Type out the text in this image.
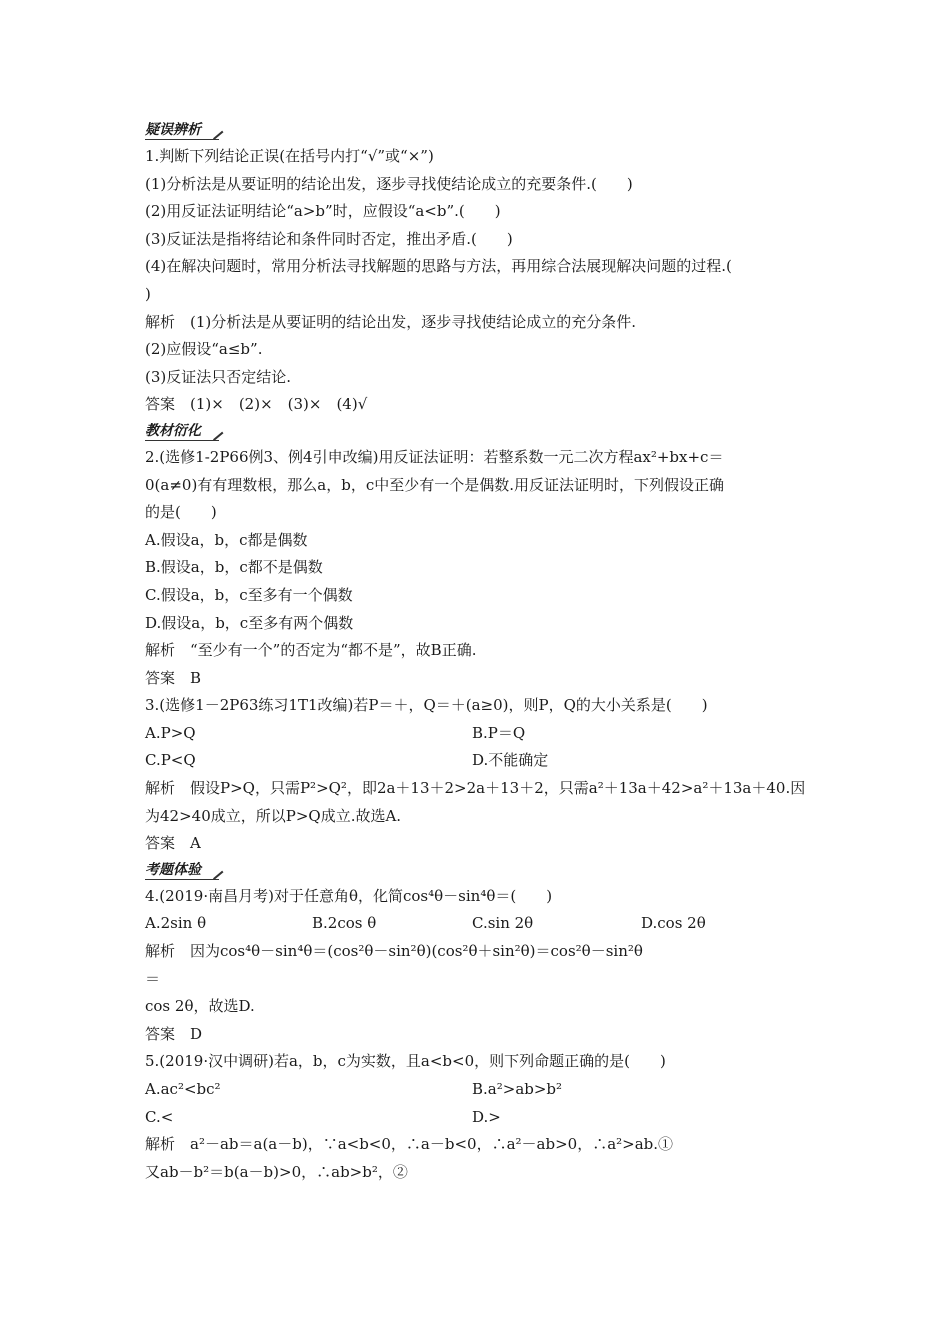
疑误辨析
1.判断下列结论正误(在括号内打“√”或“×”)
(1)分析法是从要证明的结论出发，逐步寻找使结论成立的充要条件.(　　)
(2)用反证法证明结论“a>b”时，应假设“a<b”.(　　)
(3)反证法是指将结论和条件同时否定，推出矛盾.(　　)
(4)在解决问题时，常用分析法寻找解题的思路与方法，再用综合法展现解决问题的过程.(
)
解析　(1)分析法是从要证明的结论出发，逐步寻找使结论成立的充分条件.
(2)应假设“a≤b”.
(3)反证法只否定结论.
答案　(1)×　(2)×　(3)×　(4)√
教材衍化
2.(选修1-2P66例3、例4引申改编)用反证法证明：若整系数一元二次方程ax²+bx+c＝
0(a≠0)有有理数根，那么a，b，c中至少有一个是偶数.用反证法证明时，下列假设正确
的是(　　)
A.假设a，b，c都是偶数
B.假设a，b，c都不是偶数
C.假设a，b，c至多有一个偶数
D.假设a，b，c至多有两个偶数
解析　“至少有一个”的否定为“都不是”，故B正确.
答案　B
3.(选修1－2P63练习1T1改编)若P＝＋，Q＝＋(a≥0)，则P，Q的大小关系是(　　)
A.P>Q	B.P＝Q
C.P<Q	D.不能确定
解析　假设P>Q，只需P²>Q²，即2a＋13＋2>2a＋13＋2，只需a²＋13a＋42>a²＋13a＋40.因
为42>40成立，所以P>Q成立.故选A.
答案　A
考题体验
4.(2019·南昌月考)对于任意角θ，化简cos⁴θ－sin⁴θ＝(　　)
A.2sin θ	B.2cos θ	C.sin 2θ	D.cos 2θ
解析　因为cos⁴θ－sin⁴θ＝(cos²θ－sin²θ)(cos²θ＋sin²θ)＝cos²θ－sin²θ
＝
cos 2θ，故选D.
答案　D
5.(2019·汉中调研)若a，b，c为实数，且a<b<0，则下列命题正确的是(　　)
A.ac²<bc²	B.a²>ab>b²
C.<	D.>
解析　a²－ab＝a(a－b)，∵a<b<0，∴a－b<0，∴a²－ab>0，∴a²>ab.①
又ab－b²＝b(a－b)>0，∴ab>b²，②
